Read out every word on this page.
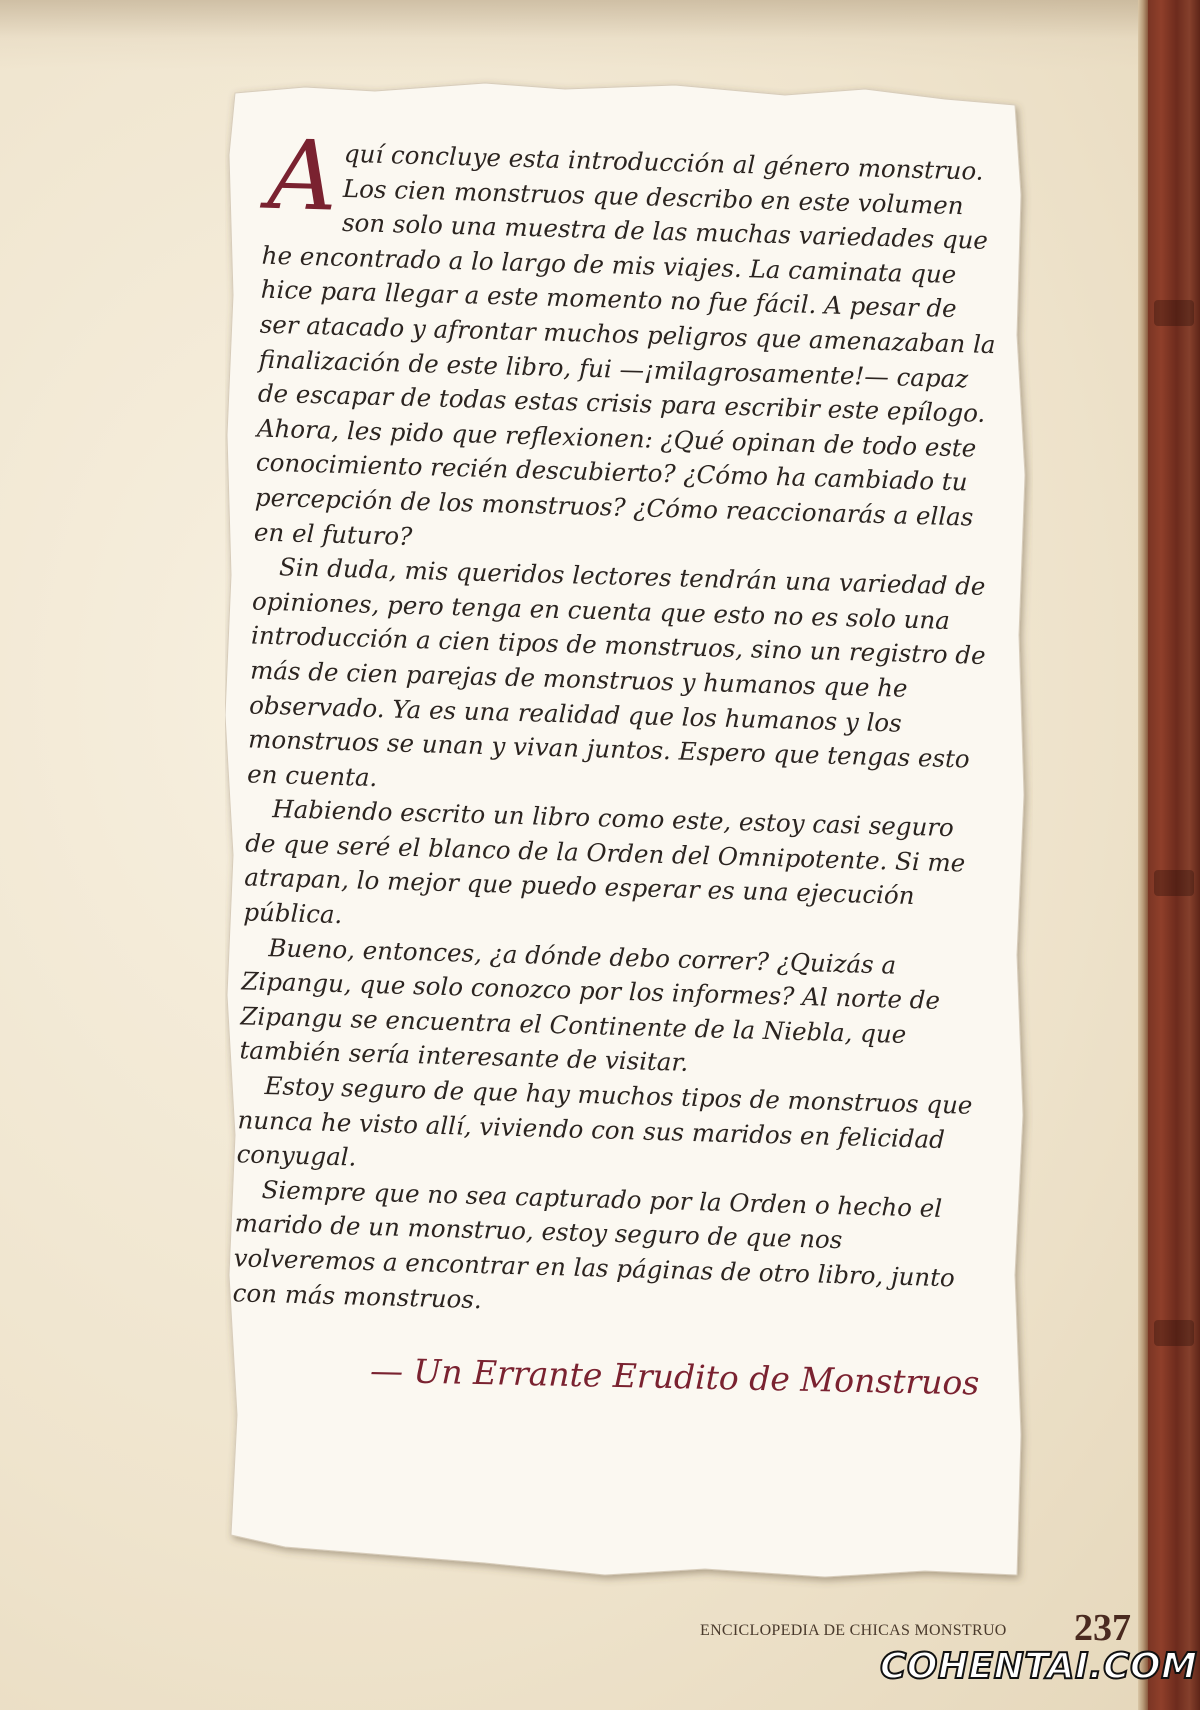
A quí concluye esta introducción al género monstruo. Los cien monstruos que describo en este volumen son solo una muestra de las muchas variedades que he encontrado a lo largo de mis viajes. La caminata que hice para llegar a este momento no fue fácil. A pesar de ser atacado y afrontar muchos peligros que amenazaban la finalización de este libro, fui —¡milagrosamente!— capaz de escapar de todas estas crisis para escribir este epílogo. Ahora, les pido que reflexionen: ¿Qué opinan de todo este conocimiento recién descubierto? ¿Cómo ha cambiado tu percepción de los monstruos? ¿Cómo reaccionarás a ellas en el futuro?

Sin duda, mis queridos lectores tendrán una variedad de opiniones, pero tenga en cuenta que esto no es solo una introducción a cien tipos de monstruos, sino un registro de más de cien parejas de monstruos y humanos que he observado. Ya es una realidad que los humanos y los monstruos se unan y vivan juntos. Espero que tengas esto en cuenta.

Habiendo escrito un libro como este, estoy casi seguro de que seré el blanco de la Orden del Omnipotente. Si me atrapan, lo mejor que puedo esperar es una ejecución pública.

Bueno, entonces, ¿a dónde debo correr? ¿Quizás a Zipangu, que solo conozco por los informes? Al norte de Zipangu se encuentra el Continente de la Niebla, que también sería interesante de visitar.

Estoy seguro de que hay muchos tipos de monstruos que nunca he visto allí, viviendo con sus maridos en felicidad conyugal.

Siempre que no sea capturado por la Orden o hecho el marido de un monstruo, estoy seguro de que nos volveremos a encontrar en las páginas de otro libro, junto con más monstruos.

— Un Errante Erudito de Monstruos
ENCICLOPEDIA DE CHICAS MONSTRUO 237
COHENTAI.COM
